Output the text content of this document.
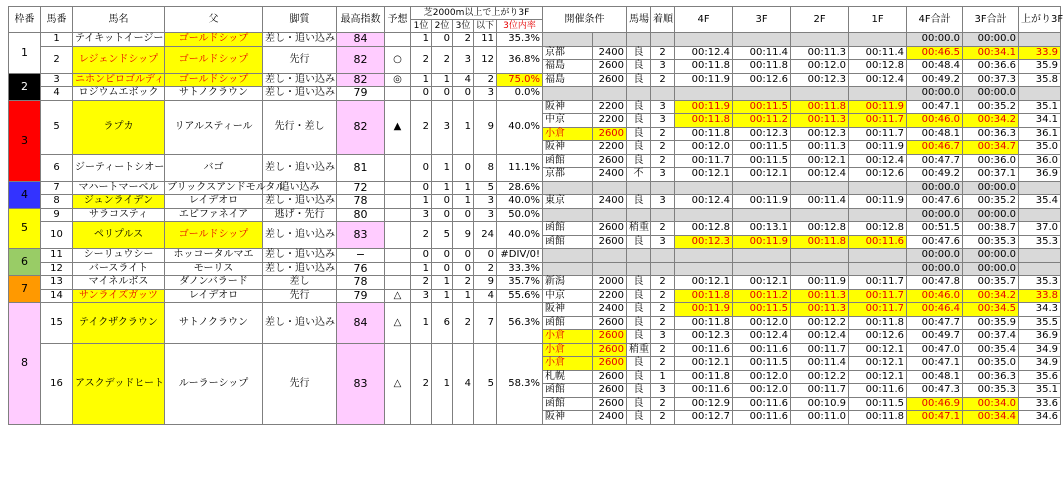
枠番	馬番	馬名	父	脚質	最高指数	予想	芝2000m以上で上がり3F					開催条件		馬場	着順	4F	3F	2F	1F	4F合計	3F合計	上がり3F
							1位	2位	3位	以下	3位内率											
1	1	テイキットイージー	ゴールドシップ	差し・追い込み	84		1	0	2	11	35.3%									00:00.0	00:00.0	
	2	レジェンドシップ	ゴールドシップ	先行	82	○	2	2	3	12	36.8%	京都	2400	良	2	00:12.4	00:11.4	00:11.3	00:11.4	00:46.5	00:34.1	33.9
												福島	2600	良	3	00:11.8	00:11.8	00:12.0	00:12.8	00:48.4	00:36.6	35.9
2	3	ニホンピロゴルディ	ゴールドシップ	差し・追い込み	82	◎	1	1	4	2	75.0%	福島	2600	良	2	00:11.9	00:12.6	00:12.3	00:12.4	00:49.2	00:37.3	35.8
	4	ロジウムエボック	サトノクラウン	差し・追い込み	79		0	0	0	3	0.0%									00:00.0	00:00.0	
3	5	ラプカ	リアルスティール	先行・差し	82	▲	2	3	1	9	40.0%	阪神	2200	良	3	00:11.9	00:11.5	00:11.8	00:11.9	00:47.1	00:35.2	35.1
												中京	2200	良	3	00:11.8	00:11.2	00:11.3	00:11.7	00:46.0	00:34.2	34.1
												小倉	2600	良	2	00:11.8	00:12.3	00:12.3	00:11.7	00:48.1	00:36.3	36.1
												阪神	2200	良	2	00:12.0	00:11.5	00:11.3	00:11.9	00:46.7	00:34.7	35.0
	6	ジーティートシオー	バゴ	差し・追い込み	81		0	1	0	8	11.1%	函館	2600	良	2	00:11.7	00:11.5	00:12.1	00:12.4	00:47.7	00:36.0	36.0
												京都	2400	不	3	00:12.1	00:12.1	00:12.4	00:12.6	00:49.2	00:37.1	36.9
4	7	マハートマーベル	ブリックスアンドモルタル	追い込み	72		0	1	1	5	28.6%									00:00.0	00:00.0	
	8	ジュンライデン	レイデオロ	差し・追い込み	78		1	0	1	3	40.0%	東京	2400	良	3	00:12.4	00:11.9	00:11.4	00:11.9	00:47.6	00:35.2	35.4
5	9	サラコスティ	エピファネイア	逃げ・先行	80		3	0	0	3	50.0%									00:00.0	00:00.0	
	10	ペリプルス	ゴールドシップ	差し・追い込み	83		2	5	9	24	40.0%	函館	2600	稍重	2	00:12.8	00:13.1	00:12.8	00:12.8	00:51.5	00:38.7	37.0
												函館	2600	良	3	00:12.3	00:11.9	00:11.8	00:11.6	00:47.6	00:35.3	35.3
6	11	シーリュウシー	ホッコータルマエ	差し・追い込み	−		0	0	0	0	#DIV/0!									00:00.0	00:00.0	
	12	バースライト	モーリス	差し・追い込み	76		1	0	0	2	33.3%									00:00.0	00:00.0	
7	13	マイネルボス	ダノンバラード	差し	78		2	1	2	9	35.7%	新潟	2000	良	2	00:12.1	00:12.1	00:11.9	00:11.7	00:47.8	00:35.7	35.3
	14	サンライズガッツ	レイデオロ	先行	79	△	3	1	1	4	55.6%	中京	2200	良	2	00:11.8	00:11.2	00:11.3	00:11.7	00:46.0	00:34.2	33.8
8	15	テイクザクラウン	サトノクラウン	差し・追い込み	84	△	1	6	2	7	56.3%	阪神	2400	良	2	00:11.9	00:11.5	00:11.3	00:11.7	00:46.4	00:34.5	34.3
												函館	2600	良	2	00:11.8	00:12.0	00:12.2	00:11.8	00:47.7	00:35.9	35.5
												小倉	2600	良	3	00:12.3	00:12.4	00:12.4	00:12.6	00:49.7	00:37.4	36.9
	16	アスクデッドヒート	ルーラーシップ	先行	83	△	2	1	4	5	58.3%	小倉	2600	稍重	2	00:11.6	00:11.6	00:11.7	00:12.1	00:47.0	00:35.4	34.9
												小倉	2600	良	2	00:12.1	00:11.5	00:11.4	00:12.1	00:47.1	00:35.0	34.9
												札幌	2600	良	1	00:11.8	00:12.0	00:12.2	00:12.1	00:48.1	00:36.3	35.6
												函館	2600	良	3	00:11.6	00:12.0	00:11.7	00:11.6	00:47.3	00:35.3	35.1
												函館	2600	良	2	00:12.9	00:11.6	00:10.9	00:11.5	00:46.9	00:34.0	33.6
												阪神	2400	良	2	00:12.7	00:11.6	00:11.0	00:11.8	00:47.1	00:34.4	34.6
